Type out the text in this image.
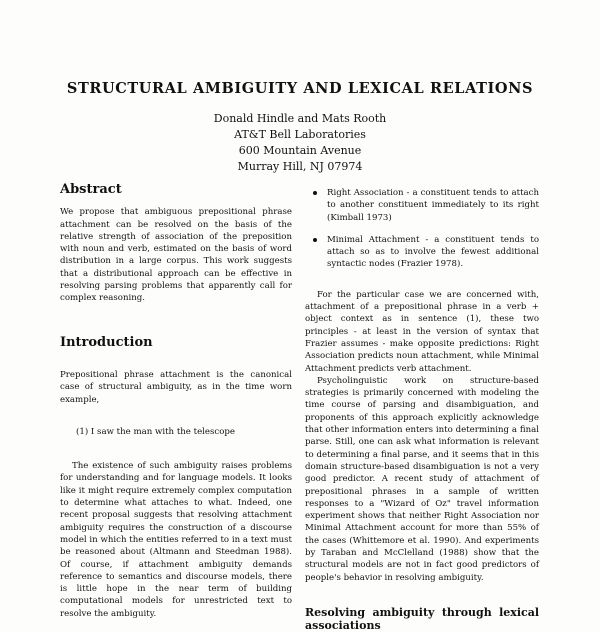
STRUCTURAL AMBIGUITY AND LEXICAL RELATIONS
Donald Hindle and Mats Rooth
AT&T Bell Laboratories
600 Mountain Avenue
Murray Hill, NJ 07974
Abstract

We propose that ambiguous prepositional phrase attachment can be resolved on the basis of the relative strength of association of the preposition with noun and verb, estimated on the basis of word distribution in a large corpus. This work suggests that a distributional approach can be effective in resolving parsing problems that apparently call for complex reasoning.

Introduction

Prepositional phrase attachment is the canonical case of structural ambiguity, as in the time worn example,

(1) I saw the man with the telescope

The existence of such ambiguity raises problems for understanding and for language models. It looks like it might require extremely complex computation to determine what attaches to what. Indeed, one recent proposal suggests that resolving attachment ambiguity requires the construction of a discourse model in which the entities referred to in a text must be reasoned about (Altmann and Steedman 1988). Of course, if attachment ambiguity demands reference to semantics and discourse models, there is little hope in the near term of building computational models for unrestricted text to resolve the ambiguity.

Right Association - a constituent tends to attach to another constituent immediately to its right (Kimball 1973)
Minimal Attachment - a constituent tends to attach so as to involve the fewest additional syntactic nodes (Frazier 1978).

For the particular case we are concerned with, attachment of a prepositional phrase in a verb + object context as in sentence (1), these two principles - at least in the version of syntax that Frazier assumes - make opposite predictions: Right Association predicts noun attachment, while Minimal Attachment predicts verb attachment.

Psycholinguistic work on structure-based strategies is primarily concerned with modeling the time course of parsing and disambiguation, and proponents of this approach explicitly acknowledge that other information enters into determining a final parse. Still, one can ask what information is relevant to determining a final parse, and it seems that in this domain structure-based disambiguation is not a very good predictor. A recent study of attachment of prepositional phrases in a sample of written responses to a "Wizard of Oz" travel information experiment shows that neither Right Association nor Minimal Attachment account for more than 55% of the cases (Whittemore et al. 1990). And experiments by Taraban and McClelland (1988) show that the structural models are not in fact good predictors of people's behavior in resolving ambiguity.

Resolving ambiguity through lexical associations
